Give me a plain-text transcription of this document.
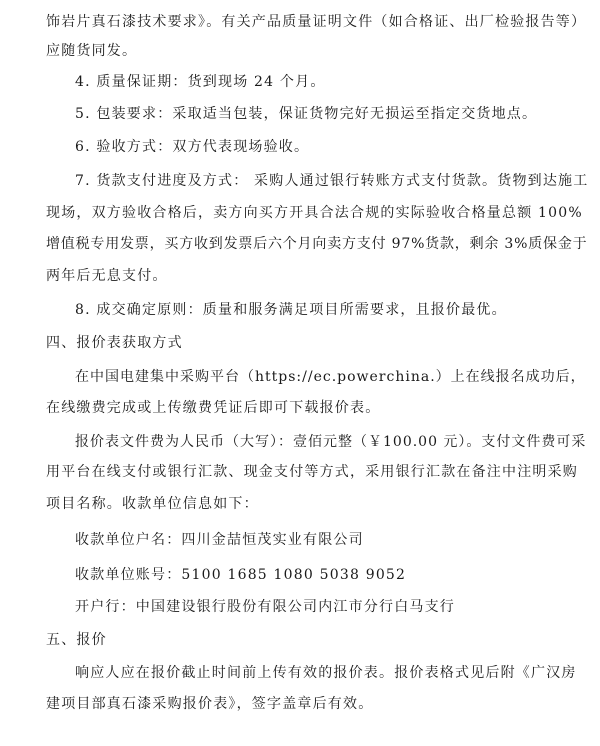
饰岩片真石漆技术要求》。有关产品质量证明文件（如合格证、出厂检验报告等）
应随货同发。
4. 质量保证期：货到现场 24 个月。
5. 包装要求：采取适当包装，保证货物完好无损运至指定交货地点。
6. 验收方式：双方代表现场验收。
7. 货款支付进度及方式： 采购人通过银行转账方式支付货款。货物到达施工
现场，双方验收合格后，卖方向买方开具合法合规的实际验收合格量总额 100%
增值税专用发票，买方收到发票后六个月向卖方支付 97%货款，剩余 3%质保金于
两年后无息支付。
8. 成交确定原则：质量和服务满足项目所需要求，且报价最优。
四、报价表获取方式
在中国电建集中采购平台（https://ec.powerchina.）上在线报名成功后，
在线缴费完成或上传缴费凭证后即可下载报价表。
报价表文件费为人民币（大写）：壹佰元整（￥100.00 元）。支付文件费可采
用平台在线支付或银行汇款、现金支付等方式，采用银行汇款在备注中注明采购
项目名称。收款单位信息如下：
收款单位户名：四川金喆恒茂实业有限公司
收款单位账号：5100 1685 1080 5038 9052
开户行：中国建设银行股份有限公司内江市分行白马支行
五、报价
响应人应在报价截止时间前上传有效的报价表。报价表格式见后附《广汉房
建项目部真石漆采购报价表》，签字盖章后有效。
